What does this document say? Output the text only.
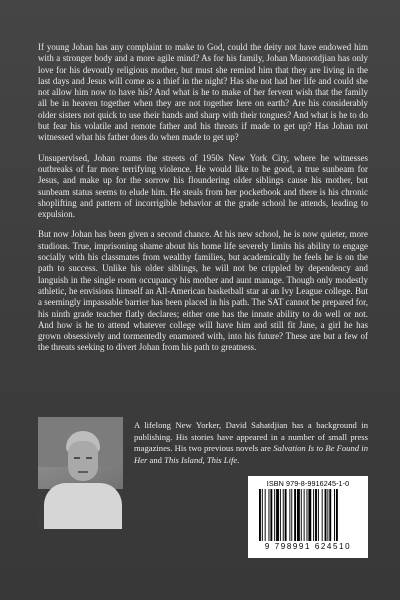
If young Johan has any complaint to make to God, could the deity not have endowed him with a stronger body and a more agile mind? As for his family, Johan Manootdjian has only love for his devoutly religious mother, but must she remind him that they are living in the last days and Jesus will come as a thief in the night? Has she not had her life and could she not allow him now to have his? And what is he to make of her fervent wish that the family all be in heaven together when they are not together here on earth? Are his considerably older sisters not quick to use their hands and sharp with their tongues? And what is he to do but fear his volatile and remote father and his threats if made to get up? Has Johan not witnessed what his father does do when made to get up?

Unsupervised, Johan roams the streets of 1950s New York City, where he witnesses outbreaks of far more terrifying violence. He would like to be good, a true sunbeam for Jesus, and make up for the sorrow his floundering older siblings cause his mother, but sunbeam status seems to elude him. He steals from her pocketbook and there is his chronic shoplifting and pattern of incorrigible behavior at the grade school he attends, leading to expulsion.

But now Johan has been given a second chance. At his new school, he is now quieter, more studious. True, imprisoning shame about his home life severely limits his ability to engage socially with his classmates from wealthy families, but academically he feels he is on the path to success. Unlike his older siblings, he will not be crippled by dependency and languish in the single room occupancy his mother and aunt manage. Though only modestly athletic, he envisions himself an All-American basketball star at an Ivy League college. But a seemingly impassable barrier has been placed in his path. The SAT cannot be prepared for, his ninth grade teacher flatly declares; either one has the innate ability to do well or not. And how is he to attend whatever college will have him and still fit Jane, a girl he has grown obsessively and tormentedly enamored with, into his future? These are but a few of the threats seeking to divert Johan from his path to greatness.

A lifelong New Yorker, David Sahatdjian has a background in publishing. His stories have appeared in a number of small press magazines. His two previous novels are Salvation Is to Be Found in Her and This Island, This Life.
ISBN 979-8-9916245-1-0
9 798991 624510
